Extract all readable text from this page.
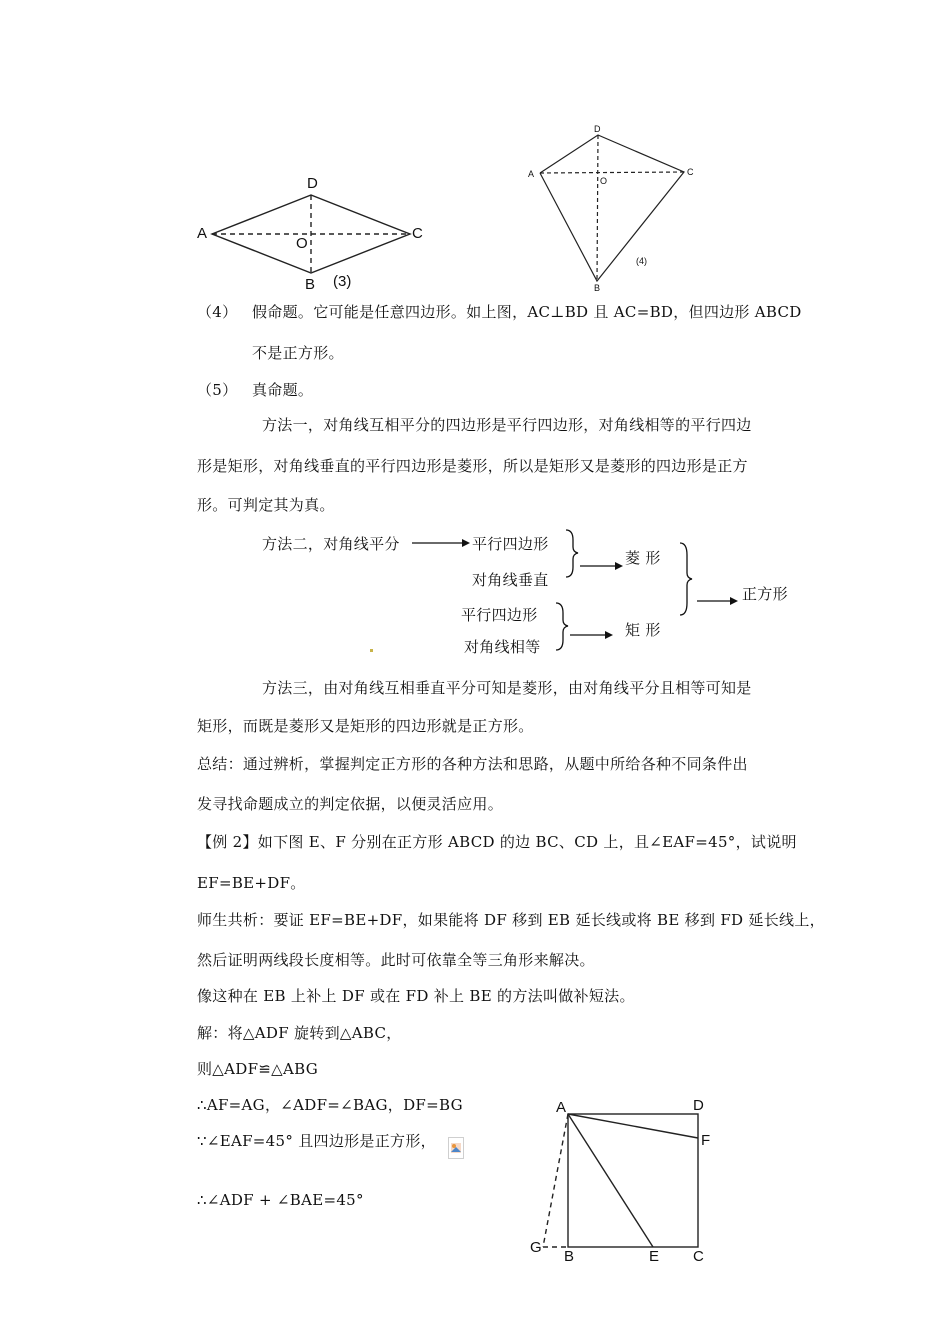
D
A	C
O
B (3)
D
A	C
O
(4)
B
（4） 假命题。它可能是任意四边形。如上图，AC⊥BD 且 AC=BD，但四边形 ABCD
不是正方形。
（5） 真命题。
方法一，对角线互相平分的四边形是平行四边形，对角线相等的平行四边
形是矩形，对角线垂直的平行四边形是菱形，所以是矩形又是菱形的四边形是正方
形。可判定其为真。
方法二，对角线平分	平行四边形
对角线垂直
菱 形
平行四边形
对角线相等
矩 形
正方形
方法三，由对角线互相垂直平分可知是菱形，由对角线平分且相等可知是
矩形，而既是菱形又是矩形的四边形就是正方形。
总结：通过辨析，掌握判定正方形的各种方法和思路，从题中所给各种不同条件出
发寻找命题成立的判定依据，以便灵活应用。
【例 2】如下图 E、F 分别在正方形 ABCD 的边 BC、CD 上，且∠EAF=45°，试说明
EF=BE+DF。
师生共析：要证 EF=BE+DF，如果能将 DF 移到 EB 延长线或将 BE 移到 FD 延长线上，
然后证明两线段长度相等。此时可依靠全等三角形来解决。
像这种在 EB 上补上 DF 或在 FD 补上 BE 的方法叫做补短法。
解：将△ADF 旋转到△ABC，
则△ADF≌△ABG
∴AF=AG，∠ADF=∠BAG，DF=BG
∵∠EAF=45° 且四边形是正方形，
∴∠ADF + ∠BAE=45°
A	D
F
G
B	E C
